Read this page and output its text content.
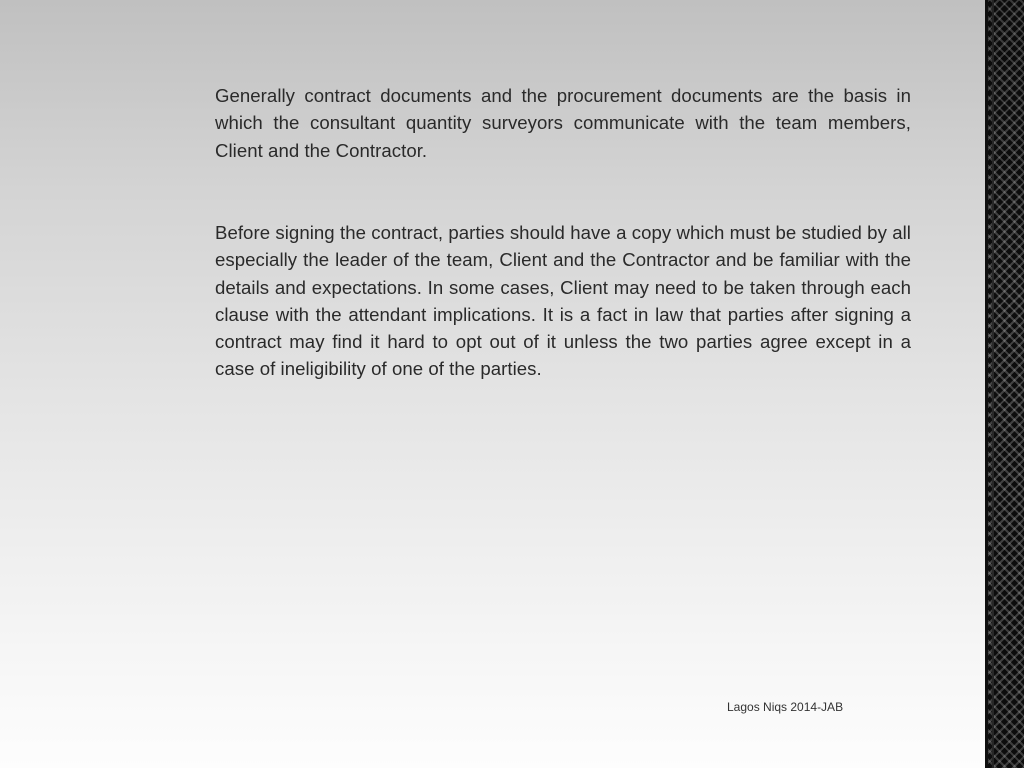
Generally contract documents and the procurement documents are the basis in which the consultant quantity surveyors communicate with the team members, Client and the Contractor.

Before signing the contract, parties should have a copy which must be studied by all especially the leader of the team, Client and the Contractor and be familiar with the details and expectations. In some cases, Client may need to be taken through each clause with the attendant implications. It is a fact in law that parties after signing a contract may find it hard to opt out of it unless the two parties agree except in a case of ineligibility of one of the parties.

Lagos Niqs 2014-JAB
